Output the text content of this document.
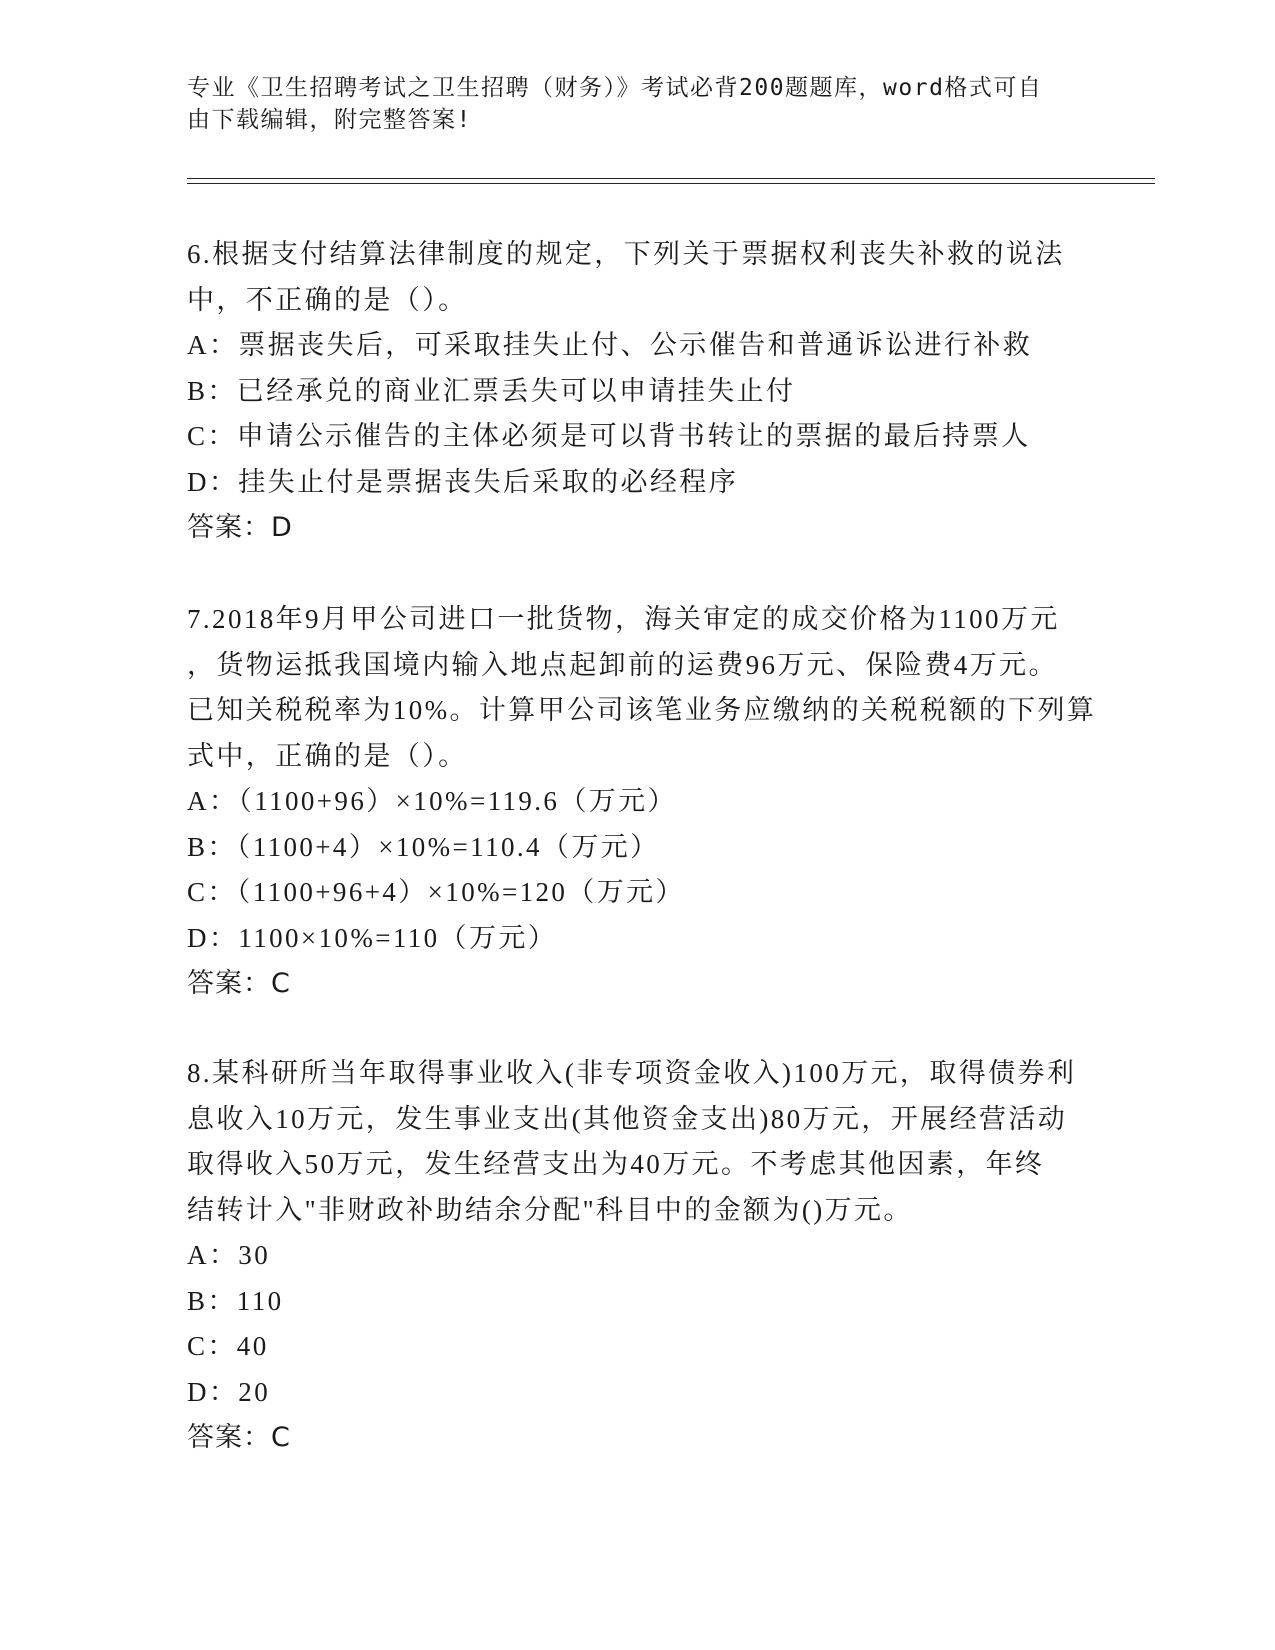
专业《卫生招聘考试之卫生招聘（财务）》考试必背200题题库，word格式可自
由下载编辑，附完整答案!
6.根据支付结算法律制度的规定，下列关于票据权利丧失补救的说法
中，不正确的是（）。
A：票据丧失后，可采取挂失止付、公示催告和普通诉讼进行补救
B：已经承兑的商业汇票丢失可以申请挂失止付
C：申请公示催告的主体必须是可以背书转让的票据的最后持票人
D：挂失止付是票据丧失后采取的必经程序
答案：D
7.2018年9月甲公司进口一批货物，海关审定的成交价格为1100万元
，货物运抵我国境内输入地点起卸前的运费96万元、保险费4万元。
已知关税税率为10%。计算甲公司该笔业务应缴纳的关税税额的下列算
式中，正确的是（）。
A：（1100+96）×10%=119.6（万元）
B：（1100+4）×10%=110.4（万元）
C：（1100+96+4）×10%=120（万元）
D：1100×10%=110（万元）
答案：C
8.某科研所当年取得事业收入(非专项资金收入)100万元，取得债券利
息收入10万元，发生事业支出(其他资金支出)80万元，开展经营活动
取得收入50万元，发生经营支出为40万元。不考虑其他因素，年终
结转计入"非财政补助结余分配"科目中的金额为()万元。
A：30
B：110
C：40
D：20
答案：C
